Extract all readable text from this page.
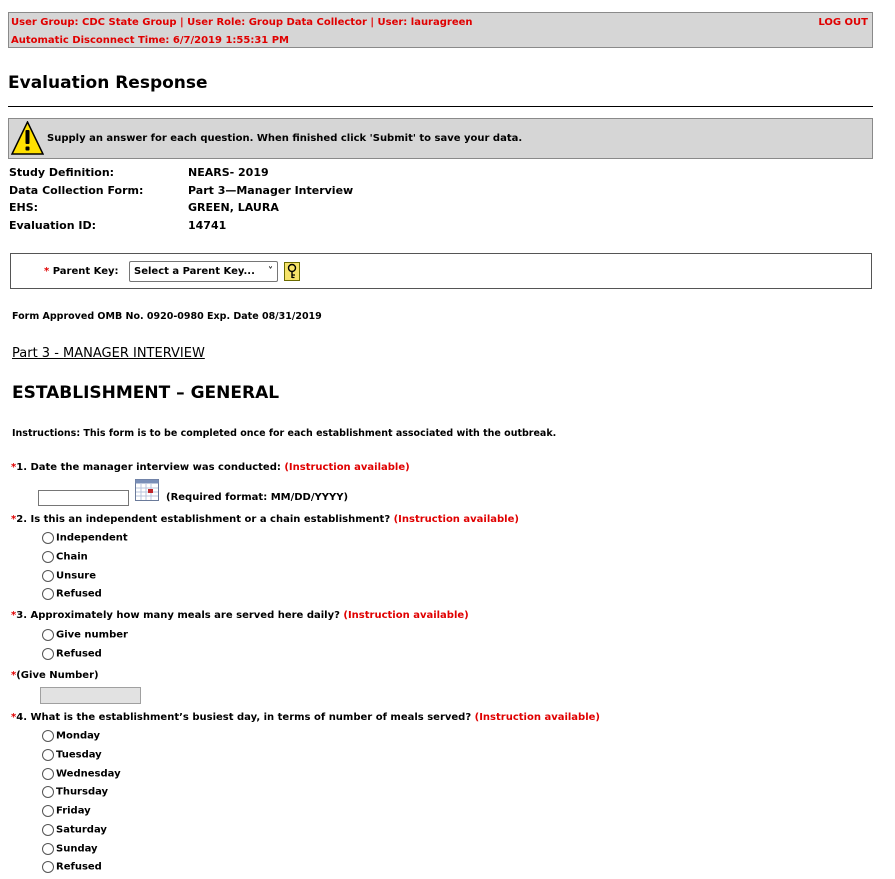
User Group: CDC State Group | User Role: Group Data Collector | User: lauragreen
Automatic Disconnect Time: 6/7/2019 1:55:31 PM
LOG OUT
Evaluation Response
Supply an answer for each question. When finished click 'Submit' to save your data.
Study Definition:	NEARS- 2019
Data Collection Form:	Part 3—Manager Interview
EHS:	GREEN, LAURA
Evaluation ID:	14741
* Parent Key:	Select a Parent Key... ˅
Form Approved OMB No. 0920-0980 Exp. Date 08/31/2019
Part 3 - MANAGER INTERVIEW
ESTABLISHMENT – GENERAL
Instructions: This form is to be completed once for each establishment associated with the outbreak.
*1. Date the manager interview was conducted: (Instruction available)
(Required format: MM/DD/YYYY)
*2. Is this an independent establishment or a chain establishment? (Instruction available)
Independent
Chain
Unsure
Refused
*3. Approximately how many meals are served here daily? (Instruction available)
Give number
Refused
*(Give Number)
*4. What is the establishment’s busiest day, in terms of number of meals served? (Instruction available)
Monday
Tuesday
Wednesday
Thursday
Friday
Saturday
Sunday
Refused
